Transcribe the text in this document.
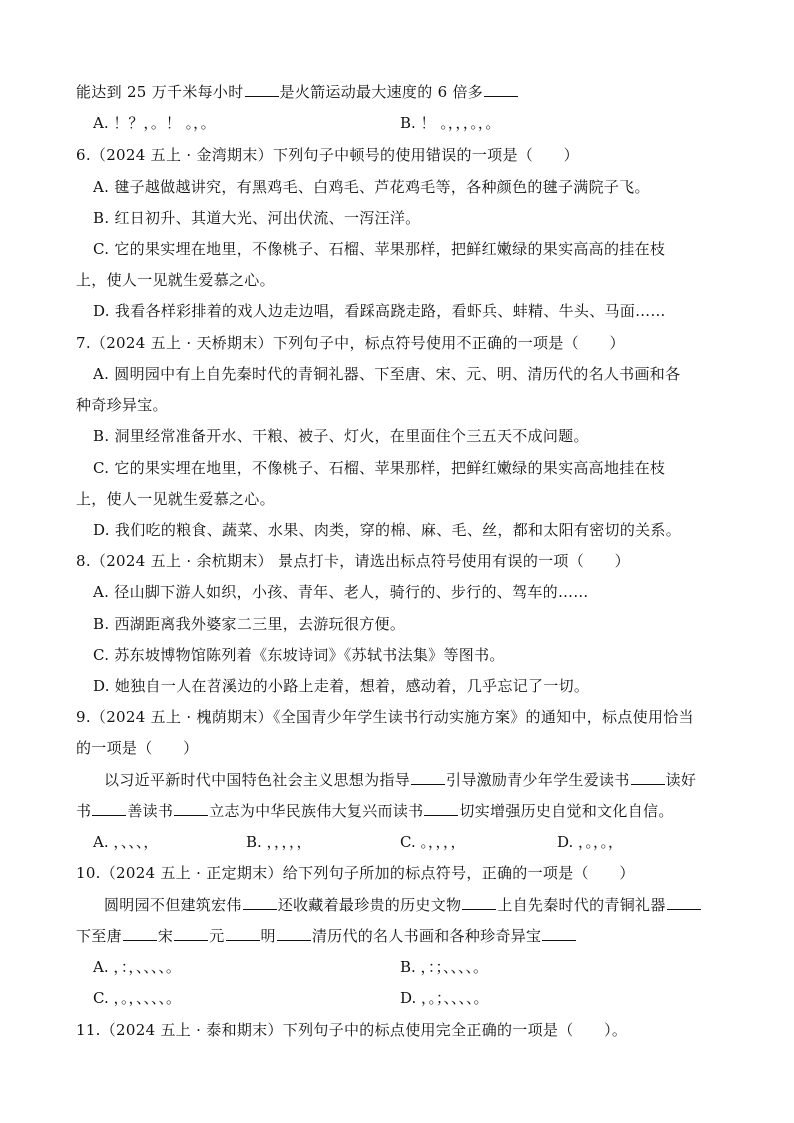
能达到 25 万千米每小时 是火箭运动最大速度的 6 倍多
A. ！？，。！ 。，。	B. ！ 。，，，。，。
6.（2024 五上 · 金湾期末）下列句子中顿号的使用错误的一项是（　　）
A. 毽子越做越讲究，有黑鸡毛、白鸡毛、芦花鸡毛等，各种颜色的毽子满院子飞。
B. 红日初升、其道大光、河出伏流、一泻汪洋。
C. 它的果实埋在地里，不像桃子、石榴、苹果那样，把鲜红嫩绿的果实高高的挂在枝
上，使人一见就生爱慕之心。
D. 我看各样彩排着的戏人边走边唱，看踩高跷走路，看虾兵、蚌精、牛头、马面……
7.（2024 五上 · 天桥期末）下列句子中，标点符号使用不正确的一项是（　　）
A. 圆明园中有上自先秦时代的青铜礼器、下至唐、宋、元、明、清历代的名人书画和各
种奇珍异宝。
B. 洞里经常准备开水、干粮、被子、灯火，在里面住个三五天不成问题。
C. 它的果实埋在地里，不像桃子、石榴、苹果那样，把鲜红嫩绿的果实高高地挂在枝
上，使人一见就生爱慕之心。
D. 我们吃的粮食、蔬菜、水果、肉类，穿的棉、麻、毛、丝，都和太阳有密切的关系。
8.（2024 五上 · 余杭期末） 景点打卡，请选出标点符号使用有误的一项（　　）
A. 径山脚下游人如织，小孩、青年、老人，骑行的、步行的、驾车的……
B. 西湖距离我外婆家二三里，去游玩很方便。
C. 苏东坡博物馆陈列着《东坡诗词》《苏轼书法集》等图书。
D. 她独自一人在苕溪边的小路上走着，想着，感动着，几乎忘记了一切。
9.（2024 五上 · 槐荫期末）《全国青少年学生读书行动实施方案》的通知中，标点使用恰当
的一项是（　　）
以习近平新时代中国特色社会主义思想为指导 引导激励青少年学生爱读书 读好
书 善读书 立志为中华民族伟大复兴而读书 切实增强历史自觉和文化自信。
A. ，、、、，	B. ，，，，，	C. 。，，，，	D. ，。，。，
10.（2024 五上 · 正定期末）给下列句子所加的标点符号，正确的一项是（　　）
圆明园不但建筑宏伟 还收藏着最珍贵的历史文物 上自先秦时代的青铜礼器
下至唐 宋 元 明 清历代的名人书画和各种珍奇异宝
A. ，：，、、、、。	B. ，：；、、、、。
C. ，。，、、、、。	D. ，。；、、、、。
11.（2024 五上 · 泰和期末）下列句子中的标点使用完全正确的一项是（　　）。
